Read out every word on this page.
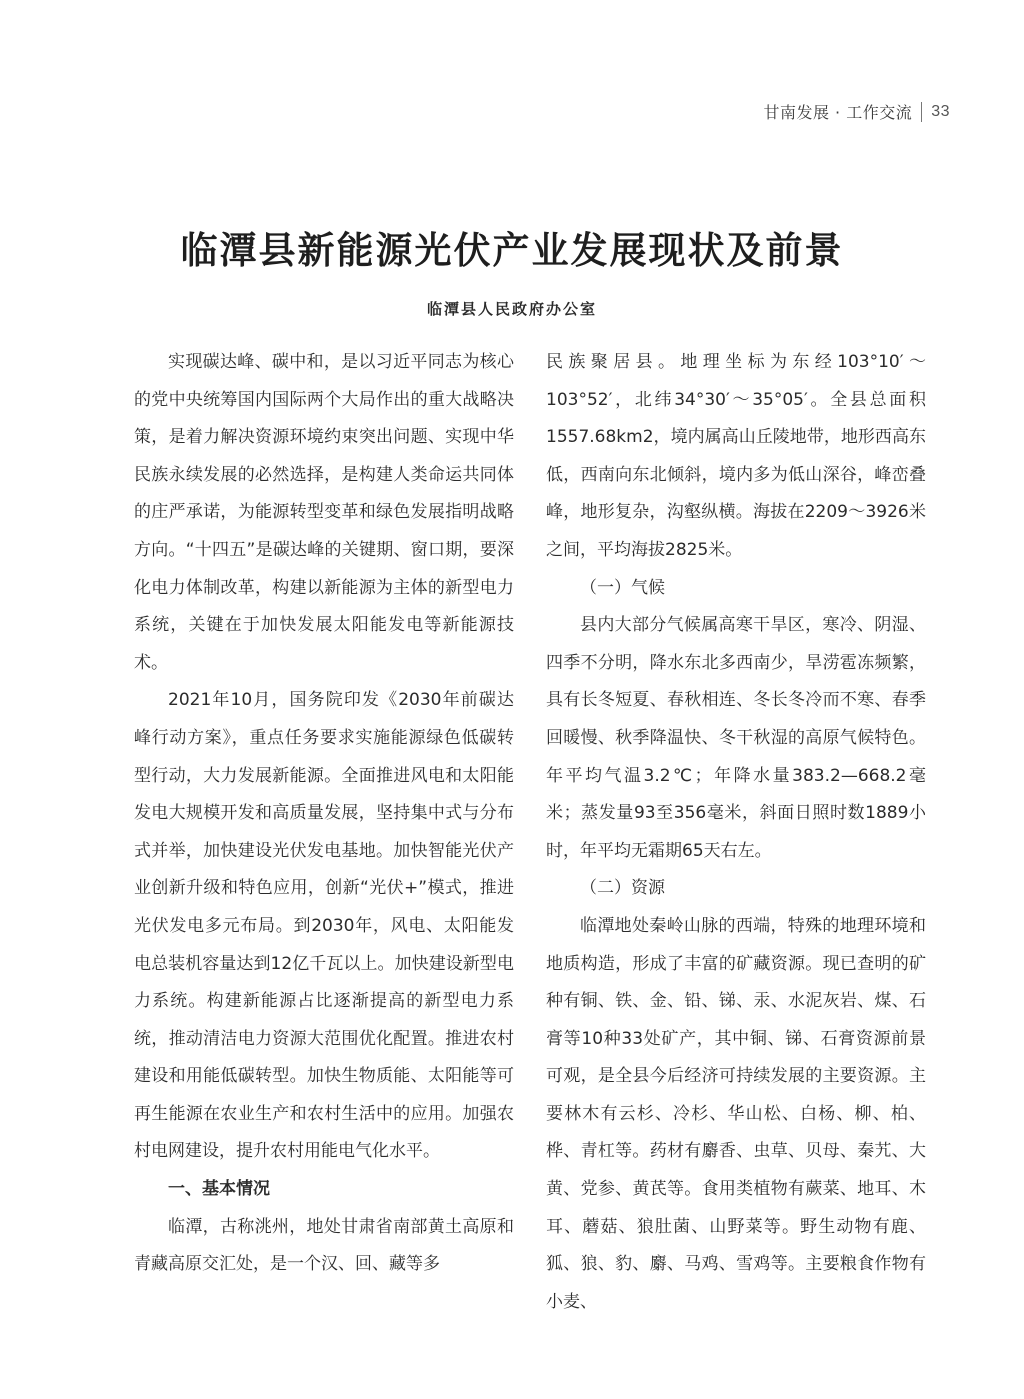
甘南发展 · 工作交流 33
临潭县新能源光伏产业发展现状及前景
临潭县人民政府办公室

实现碳达峰、碳中和，是以习近平同志为核心的党中央统筹国内国际两个大局作出的重大战略决策，是着力解决资源环境约束突出问题、实现中华民族永续发展的必然选择，是构建人类命运共同体的庄严承诺，为能源转型变革和绿色发展指明战略方向。“十四五”是碳达峰的关键期、窗口期，要深化电力体制改革，构建以新能源为主体的新型电力系统，关键在于加快发展太阳能发电等新能源技术。

2021年10月，国务院印发《2030年前碳达峰行动方案》，重点任务要求实施能源绿色低碳转型行动，大力发展新能源。全面推进风电和太阳能发电大规模开发和高质量发展，坚持集中式与分布式并举，加快建设光伏发电基地。加快智能光伏产业创新升级和特色应用，创新“光伏+”模式，推进光伏发电多元布局。到2030年，风电、太阳能发电总装机容量达到12亿千瓦以上。加快建设新型电力系统。构建新能源占比逐渐提高的新型电力系统，推动清洁电力资源大范围优化配置。推进农村建设和用能低碳转型。加快生物质能、太阳能等可再生能源在农业生产和农村生活中的应用。加强农村电网建设，提升农村用能电气化水平。

一、基本情况

临潭，古称洮州，地处甘肃省南部黄土高原和青藏高原交汇处，是一个汉、回、藏等多

民族聚居县。地理坐标为东经103°10′～103°52′，北纬34°30′～35°05′。全县总面积1557.68km2，境内属高山丘陵地带，地形西高东低，西南向东北倾斜，境内多为低山深谷，峰峦叠峰，地形复杂，沟壑纵横。海拔在2209～3926米之间，平均海拔2825米。

（一）气候

县内大部分气候属高寒干旱区，寒冷、阴湿、四季不分明，降水东北多西南少，旱涝雹冻频繁，具有长冬短夏、春秋相连、冬长冬冷而不寒、春季回暖慢、秋季降温快、冬干秋湿的高原气候特色。年平均气温3.2℃；年降水量383.2—668.2毫米；蒸发量93至356毫米，斜面日照时数1889小时，年平均无霜期65天右左。

（二）资源

临潭地处秦岭山脉的西端，特殊的地理环境和地质构造，形成了丰富的矿藏资源。现已查明的矿种有铜、铁、金、铅、锑、汞、水泥灰岩、煤、石膏等10种33处矿产，其中铜、锑、石膏资源前景可观，是全县今后经济可持续发展的主要资源。主要林木有云杉、冷杉、华山松、白杨、柳、柏、桦、青杠等。药材有麝香、虫草、贝母、秦艽、大黄、党参、黄芪等。食用类植物有蕨菜、地耳、木耳、蘑菇、狼肚菌、山野菜等。野生动物有鹿、狐、狼、豹、麝、马鸡、雪鸡等。主要粮食作物有小麦、
